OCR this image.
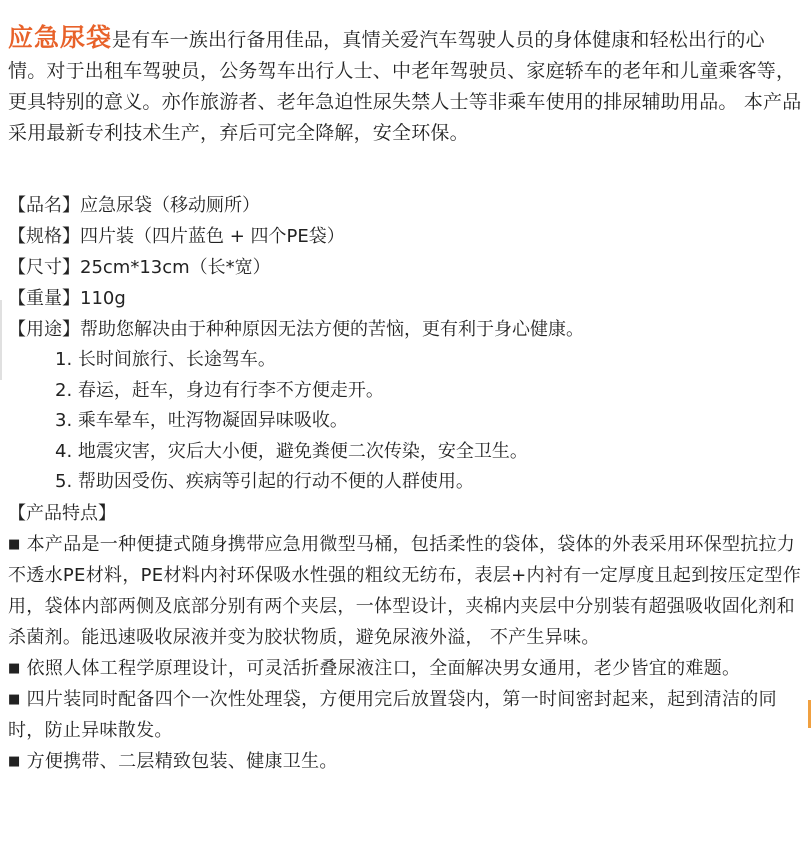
应急尿袋是有车一族出行备用佳品，真情关爱汽车驾驶人员的身体健康和轻松出行的心情。对于出租车驾驶员，公务驾车出行人士、中老年驾驶员、家庭轿车的老年和儿童乘客等，更具特别的意义。亦作旅游者、老年急迫性尿失禁人士等非乘车使用的排尿辅助用品。 本产品采用最新专利技术生产，弃后可完全降解，安全环保。

【品名】应急尿袋（移动厕所）
【规格】四片装（四片蓝色 + 四个PE袋）
【尺寸】25cm*13cm（长*宽）
【重量】110g
【用途】帮助您解决由于种种原因无法方便的苦恼，更有利于身心健康。
1. 长时间旅行、长途驾车。
2. 春运，赶车，身边有行李不方便走开。
3. 乘车晕车，吐泻物凝固异味吸收。
4. 地震灾害，灾后大小便，避免粪便二次传染，安全卫生。
5. 帮助因受伤、疾病等引起的行动不便的人群使用。
【产品特点】

■ 本产品是一种便捷式随身携带应急用微型马桶，包括柔性的袋体，袋体的外表采用环保型抗拉力不透水PE材料，PE材料内衬环保吸水性强的粗纹无纺布，表层+内衬有一定厚度且起到按压定型作用，袋体内部两侧及底部分别有两个夹层，一体型设计，夹棉内夹层中分别装有超强吸收固化剂和杀菌剂。能迅速吸收尿液并变为胶状物质，避免尿液外溢， 不产生异味。

■ 依照人体工程学原理设计，可灵活折叠尿液注口，全面解决男女通用，老少皆宜的难题。

■ 四片装同时配备四个一次性处理袋，方便用完后放置袋内，第一时间密封起来，起到清洁的同时，防止异味散发。

■ 方便携带、二层精致包装、健康卫生。
